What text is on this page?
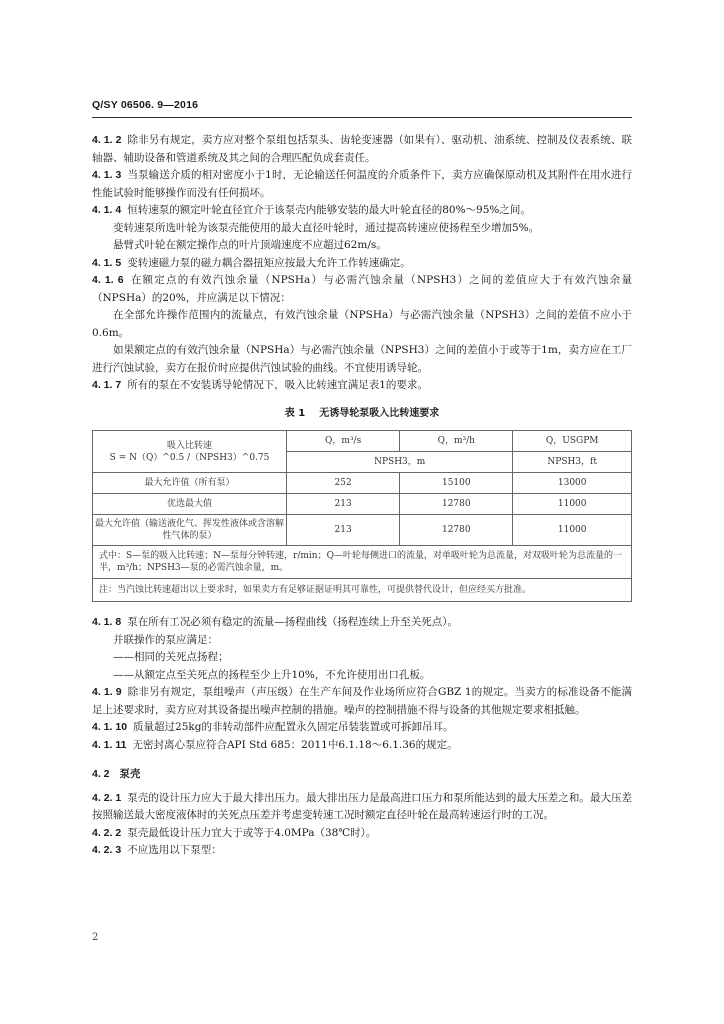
Q/SY 06506. 9—2016
4. 1. 2 除非另有规定，卖方应对整个泵组包括泵头、齿轮变速器（如果有）、驱动机、油系统、控制及仪表系统、联轴器、辅助设备和管道系统及其之间的合理匹配负成套责任。
4. 1. 3 当泵输送介质的相对密度小于1时，无论输送任何温度的介质条件下，卖方应确保原动机及其附件在用水进行性能试验时能够操作而没有任何损坏。
4. 1. 4 恒转速泵的额定叶轮直径宜介于该泵壳内能够安装的最大叶轮直径的80%～95%之间。
变转速泵所选叶轮为该泵壳能使用的最大直径叶轮时，通过提高转速应使扬程至少增加5%。
悬臂式叶轮在额定操作点的叶片顶端速度不应超过62m/s。
4. 1. 5 变转速磁力泵的磁力耦合器扭矩应按最大允许工作转速确定。
4. 1. 6 在额定点的有效汽蚀余量（NPSHa）与必需汽蚀余量（NPSH3）之间的差值应大于有效汽蚀余量（NPSHa）的20%，并应满足以下情况：
在全部允许操作范围内的流量点，有效汽蚀余量（NPSHa）与必需汽蚀余量（NPSH3）之间的差值不应小于0.6m。
如果额定点的有效汽蚀余量（NPSHa）与必需汽蚀余量（NPSH3）之间的差值小于或等于1m，卖方应在工厂进行汽蚀试验，卖方在报价时应提供汽蚀试验的曲线。不宜使用诱导轮。
4. 1. 7 所有的泵在不安装诱导轮情况下，吸入比转速宜满足表1的要求。
表 1 无诱导轮泵吸入比转速要求
吸入比转速
S = N（Q）^0.5 /（NPSH3）^0.75	Q，m³/s	Q，m³/h	Q，USGPM
	NPSH3，m		NPSH3，ft
最大允许值（所有泵）	252	15100	13000
优选最大值	213	12780	11000
最大允许值（输送液化气、挥发性液体或含溶解性气体的泵）	213	12780	11000
式中：S—泵的吸入比转速；N—泵每分钟转速，r/min；Q—叶轮每侧进口的流量，对单吸叶轮为总流量，对双吸叶轮为总流量的一半，m³/h；NPSH3—泵的必需汽蚀余量，m。			
注：当汽蚀比转速超出以上要求时，如果卖方有足够证据证明其可靠性，可提供替代设计，但应经买方批准。			
4. 1. 8 泵在所有工况必须有稳定的流量—扬程曲线（扬程连续上升至关死点）。
并联操作的泵应满足：
——相同的关死点扬程；
——从额定点至关死点的扬程至少上升10%，不允许使用出口孔板。
4. 1. 9 除非另有规定，泵组噪声（声压级）在生产车间及作业场所应符合GBZ 1的规定。当卖方的标准设备不能满足上述要求时，卖方应对其设备提出噪声控制的措施。噪声的控制措施不得与设备的其他规定要求相抵触。
4. 1. 10 质量超过25kg的非转动部件应配置永久固定吊装装置或可拆卸吊耳。
4. 1. 11 无密封离心泵应符合API Std 685：2011中6.1.18～6.1.36的规定。
4. 2 泵壳
4. 2. 1 泵壳的设计压力应大于最大排出压力。最大排出压力是最高进口压力和泵所能达到的最大压差之和。最大压差按照输送最大密度液体时的关死点压差并考虑变转速工况时额定直径叶轮在最高转速运行时的工况。
4. 2. 2 泵壳最低设计压力宜大于或等于4.0MPa（38℃时）。
4. 2. 3 不应选用以下泵型：
2
